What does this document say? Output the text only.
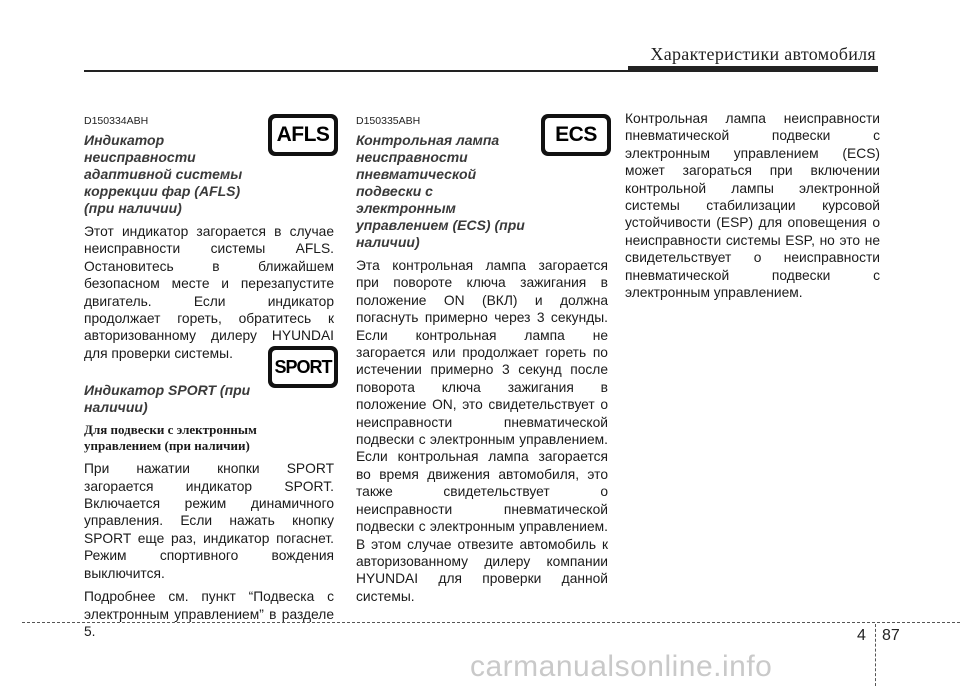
Характеристики автомобиля
AFLS
SPORT
ECS
D150334ABH

Индикатор неисправности адаптивной системы коррекции фар (AFLS) (при наличии)

Этот индикатор загорается в случае неисправности системы AFLS. Остановитесь в ближайшем безопасном месте и перезапустите двигатель. Если индикатор продолжает гореть, обратитесь к авторизованному дилеру HYUNDAI для проверки системы.

Индикатор SPORT (при наличии)

Для подвески с электронным управлением (при наличии)

При нажатии кнопки SPORT загорается индикатор SPORT. Включается режим динамичного управления. Если нажать кнопку SPORT еще раз, индикатор погаснет. Режим спортивного вождения выключится.

Подробнее см. пункт “Подвеска с электронным управлением” в разделе 5.

D150335ABH

Контрольная лампа неисправности пневматической подвески с электронным управлением (ECS) (при наличии)

Эта контрольная лампа загорается при повороте ключа зажигания в положение ON (ВКЛ) и должна погаснуть примерно через 3 секунды. Если контрольная лампа не загорается или продолжает гореть по истечении примерно 3 секунд после поворота ключа зажигания в положение ON, это свидетельствует о неисправности пневматической подвески с электронным управлением. Если контрольная лампа загорается во время движения автомобиля, это также свидетельствует о неисправности пневматической подвески с электронным управлением. В этом случае отвезите автомобиль к авторизованному дилеру компании HYUNDAI для проверки данной системы.

Контрольная лампа неисправности пневматической подвески с электронным управлением (ECS) может загораться при включении контрольной лампы электронной системы стабилизации курсовой устойчивости (ESP) для оповещения о неисправности системы ESP, но это не свидетельствует о неисправности пневматической подвески с электронным управлением.

4 87
carmanualsonline.info
